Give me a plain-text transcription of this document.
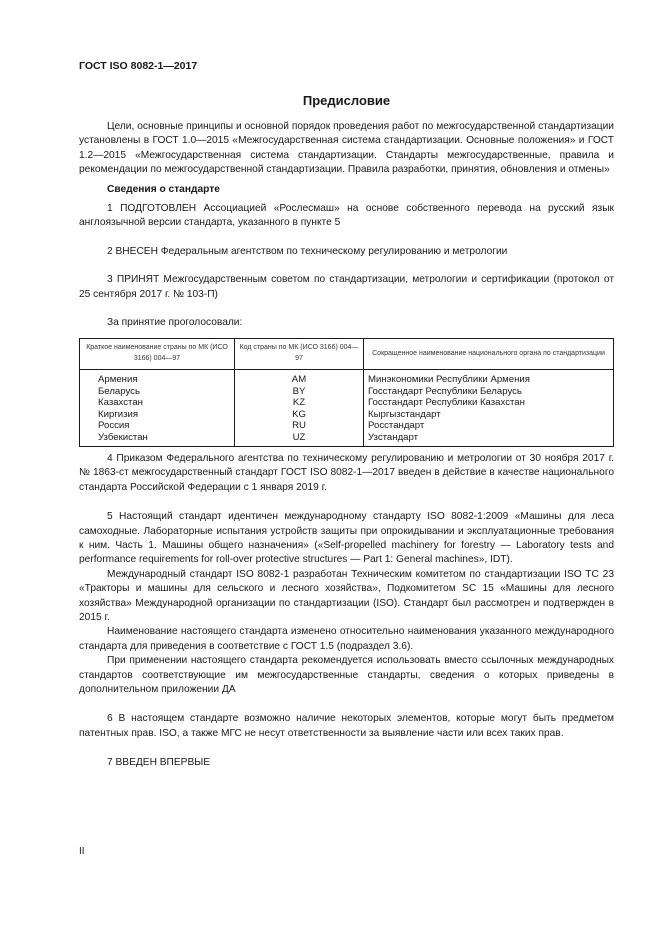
ГОСТ ISO 8082-1—2017
Предисловие

Цели, основные принципы и основной порядок проведения работ по межгосударственной стандартизации установлены в ГОСТ 1.0—2015 «Межгосударственная система стандартизации. Основные положения» и ГОСТ 1.2—2015 «Межгосударственная система стандартизации. Стандарты межгосударственные, правила и рекомендации по межгосударственной стандартизации. Правила разработки, принятия, обновления и отмены»

Сведения о стандарте

1 ПОДГОТОВЛЕН Ассоциацией «Рослесмаш» на основе собственного перевода на русский язык англоязычной версии стандарта, указанного в пункте 5

2 ВНЕСЕН Федеральным агентством по техническому регулированию и метрологии

3 ПРИНЯТ Межгосударственным советом по стандартизации, метрологии и сертификации (протокол от 25 сентября 2017 г. № 103-П)

За принятие проголосовали:

Краткое наименование страны по МК (ИСО 3166) 004—97	Код страны по МК (ИСО 3166) 004—97	Сокращенное наименование национального органа по стандартизации
Армения	AM	Минэкономики Республики Армения
Беларусь	BY	Госстандарт Республики Беларусь
Казахстан	KZ	Госстандарт Республики Казахстан
Киргизия	KG	Кыргызстандарт
Россия	RU	Росстандарт
Узбекистан	UZ	Узстандарт

4 Приказом Федерального агентства по техническому регулированию и метрологии от 30 ноября 2017 г. № 1863-ст межгосударственный стандарт ГОСТ ISO 8082-1—2017 введен в действие в качестве национального стандарта Российской Федерации с 1 января 2019 г.

5 Настоящий стандарт идентичен международному стандарту ISO 8082-1:2009 «Машины для леса самоходные. Лабораторные испытания устройств защиты при опрокидывании и эксплуатационные требования к ним. Часть 1. Машины общего назначения» («Self-propelled machinery for forestry — Laboratory tests and performance requirements for roll-over protective structures — Part 1: General machines», IDT).

Международный стандарт ISO 8082-1 разработан Техническим комитетом по стандартизации ISO TC 23 «Тракторы и машины для сельского и лесного хозяйства», Подкомитетом SC 15 «Машины для лесного хозяйства» Международной организации по стандартизации (ISO). Стандарт был рассмотрен и подтвержден в 2015 г.

Наименование настоящего стандарта изменено относительно наименования указанного международного стандарта для приведения в соответствие с ГОСТ 1.5 (подраздел 3.6).

При применении настоящего стандарта рекомендуется использовать вместо ссылочных международных стандартов соответствующие им межгосударственные стандарты, сведения о которых приведены в дополнительном приложении ДА

6 В настоящем стандарте возможно наличие некоторых элементов, которые могут быть предметом патентных прав. ISO, а также МГС не несут ответственности за выявление части или всех таких прав.

7 ВВЕДЕН ВПЕРВЫЕ

II
